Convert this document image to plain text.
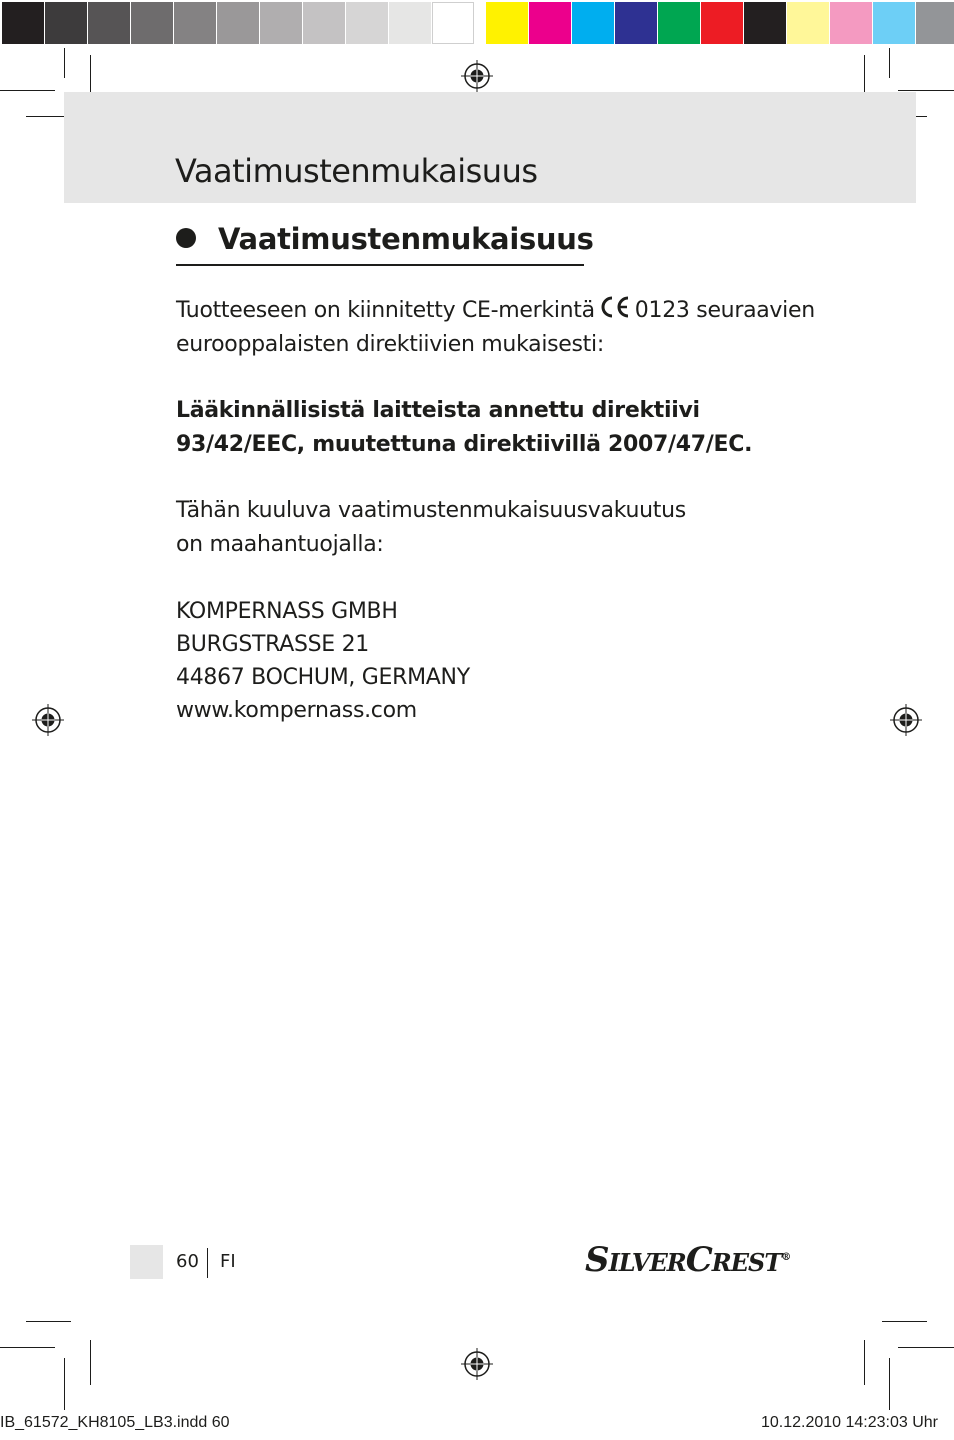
Vaatimustenmukaisuus
Vaatimustenmukaisuus

Tuotteeseen on kiinnitetty CE-merkintä 0123 seuraavien
eurooppalaisten direktiivien mukaisesti:

Lääkinnällisistä laitteista annettu direktiivi
93/42/EEC, muutettuna direktiivillä 2007/47/EC.

Tähän kuuluva vaatimustenmukaisuusvakuutus
on maahantuojalla:

KOMPERNASS GMBH
BURGSTRASSE 21
44867 BOCHUM, GERMANY
www.kompernass.com

60 FI	SILVERCREST®
IB_61572_KH8105_LB3.indd 60	10.12.2010 14:23:03 Uhr
